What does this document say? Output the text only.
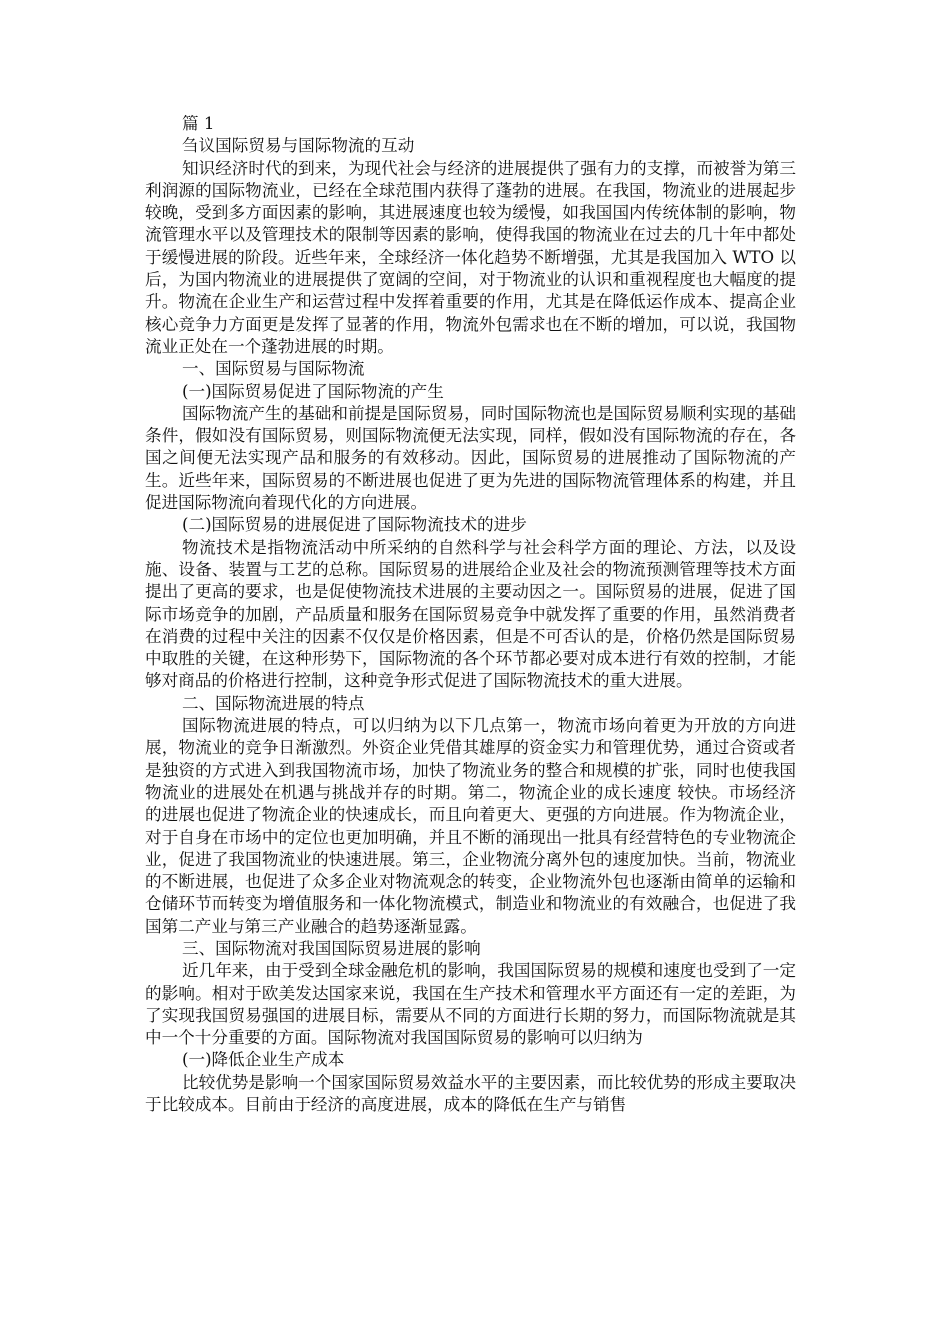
篇 1

刍议国际贸易与国际物流的互动

知识经济时代的到来，为现代社会与经济的进展提供了强有力的支撑，而被誉为第三利润源的国际物流业，已经在全球范围内获得了蓬勃的进展。在我国，物流业的进展起步较晚，受到多方面因素的影响，其进展速度也较为缓慢，如我国国内传统体制的影响，物流管理水平以及管理技术的限制等因素的影响，使得我国的物流业在过去的几十年中都处于缓慢进展的阶段。近些年来，全球经济一体化趋势不断增强，尤其是我国加入 WTO 以后，为国内物流业的进展提供了宽阔的空间，对于物流业的认识和重视程度也大幅度的提升。物流在企业生产和运营过程中发挥着重要的作用，尤其是在降低运作成本、提高企业核心竞争力方面更是发挥了显著的作用，物流外包需求也在不断的增加，可以说，我国物流业正处在一个蓬勃进展的时期。

一、国际贸易与国际物流

(一)国际贸易促进了国际物流的产生

国际物流产生的基础和前提是国际贸易，同时国际物流也是国际贸易顺利实现的基础条件，假如没有国际贸易，则国际物流便无法实现，同样，假如没有国际物流的存在，各国之间便无法实现产品和服务的有效移动。因此，国际贸易的进展推动了国际物流的产生。近些年来，国际贸易的不断进展也促进了更为先进的国际物流管理体系的构建，并且促进国际物流向着现代化的方向进展。

(二)国际贸易的进展促进了国际物流技术的进步

物流技术是指物流活动中所采纳的自然科学与社会科学方面的理论、方法，以及设施、设备、装置与工艺的总称。国际贸易的进展给企业及社会的物流预测管理等技术方面提出了更高的要求，也是促使物流技术进展的主要动因之一。国际贸易的进展，促进了国际市场竞争的加剧，产品质量和服务在国际贸易竞争中就发挥了重要的作用，虽然消费者在消费的过程中关注的因素不仅仅是价格因素，但是不可否认的是，价格仍然是国际贸易中取胜的关键，在这种形势下，国际物流的各个环节都必要对成本进行有效的控制，才能够对商品的价格进行控制，这种竞争形式促进了国际物流技术的重大进展。

二、国际物流进展的特点

国际物流进展的特点，可以归纳为以下几点第一，物流市场向着更为开放的方向进展，物流业的竞争日渐激烈。外资企业凭借其雄厚的资金实力和管理优势，通过合资或者是独资的方式进入到我国物流市场，加快了物流业务的整合和规模的扩张，同时也使我国物流业的进展处在机遇与挑战并存的时期。第二，物流企业的成长速度 较快。市场经济的进展也促进了物流企业的快速成长，而且向着更大、更强的方向进展。作为物流企业，对于自身在市场中的定位也更加明确，并且不断的涌现出一批具有经营特色的专业物流企业，促进了我国物流业的快速进展。第三，企业物流分离外包的速度加快。当前，物流业的不断进展，也促进了众多企业对物流观念的转变，企业物流外包也逐渐由简单的运输和仓储环节而转变为增值服务和一体化物流模式，制造业和物流业的有效融合，也促进了我国第二产业与第三产业融合的趋势逐渐显露。

三、国际物流对我国国际贸易进展的影响

近几年来，由于受到全球金融危机的影响，我国国际贸易的规模和速度也受到了一定的影响。相对于欧美发达国家来说，我国在生产技术和管理水平方面还有一定的差距，为了实现我国贸易强国的进展目标，需要从不同的方面进行长期的努力，而国际物流就是其中一个十分重要的方面。国际物流对我国国际贸易的影响可以归纳为

(一)降低企业生产成本

比较优势是影响一个国家国际贸易效益水平的主要因素，而比较优势的形成主要取决于比较成本。目前由于经济的高度进展，成本的降低在生产与销售
